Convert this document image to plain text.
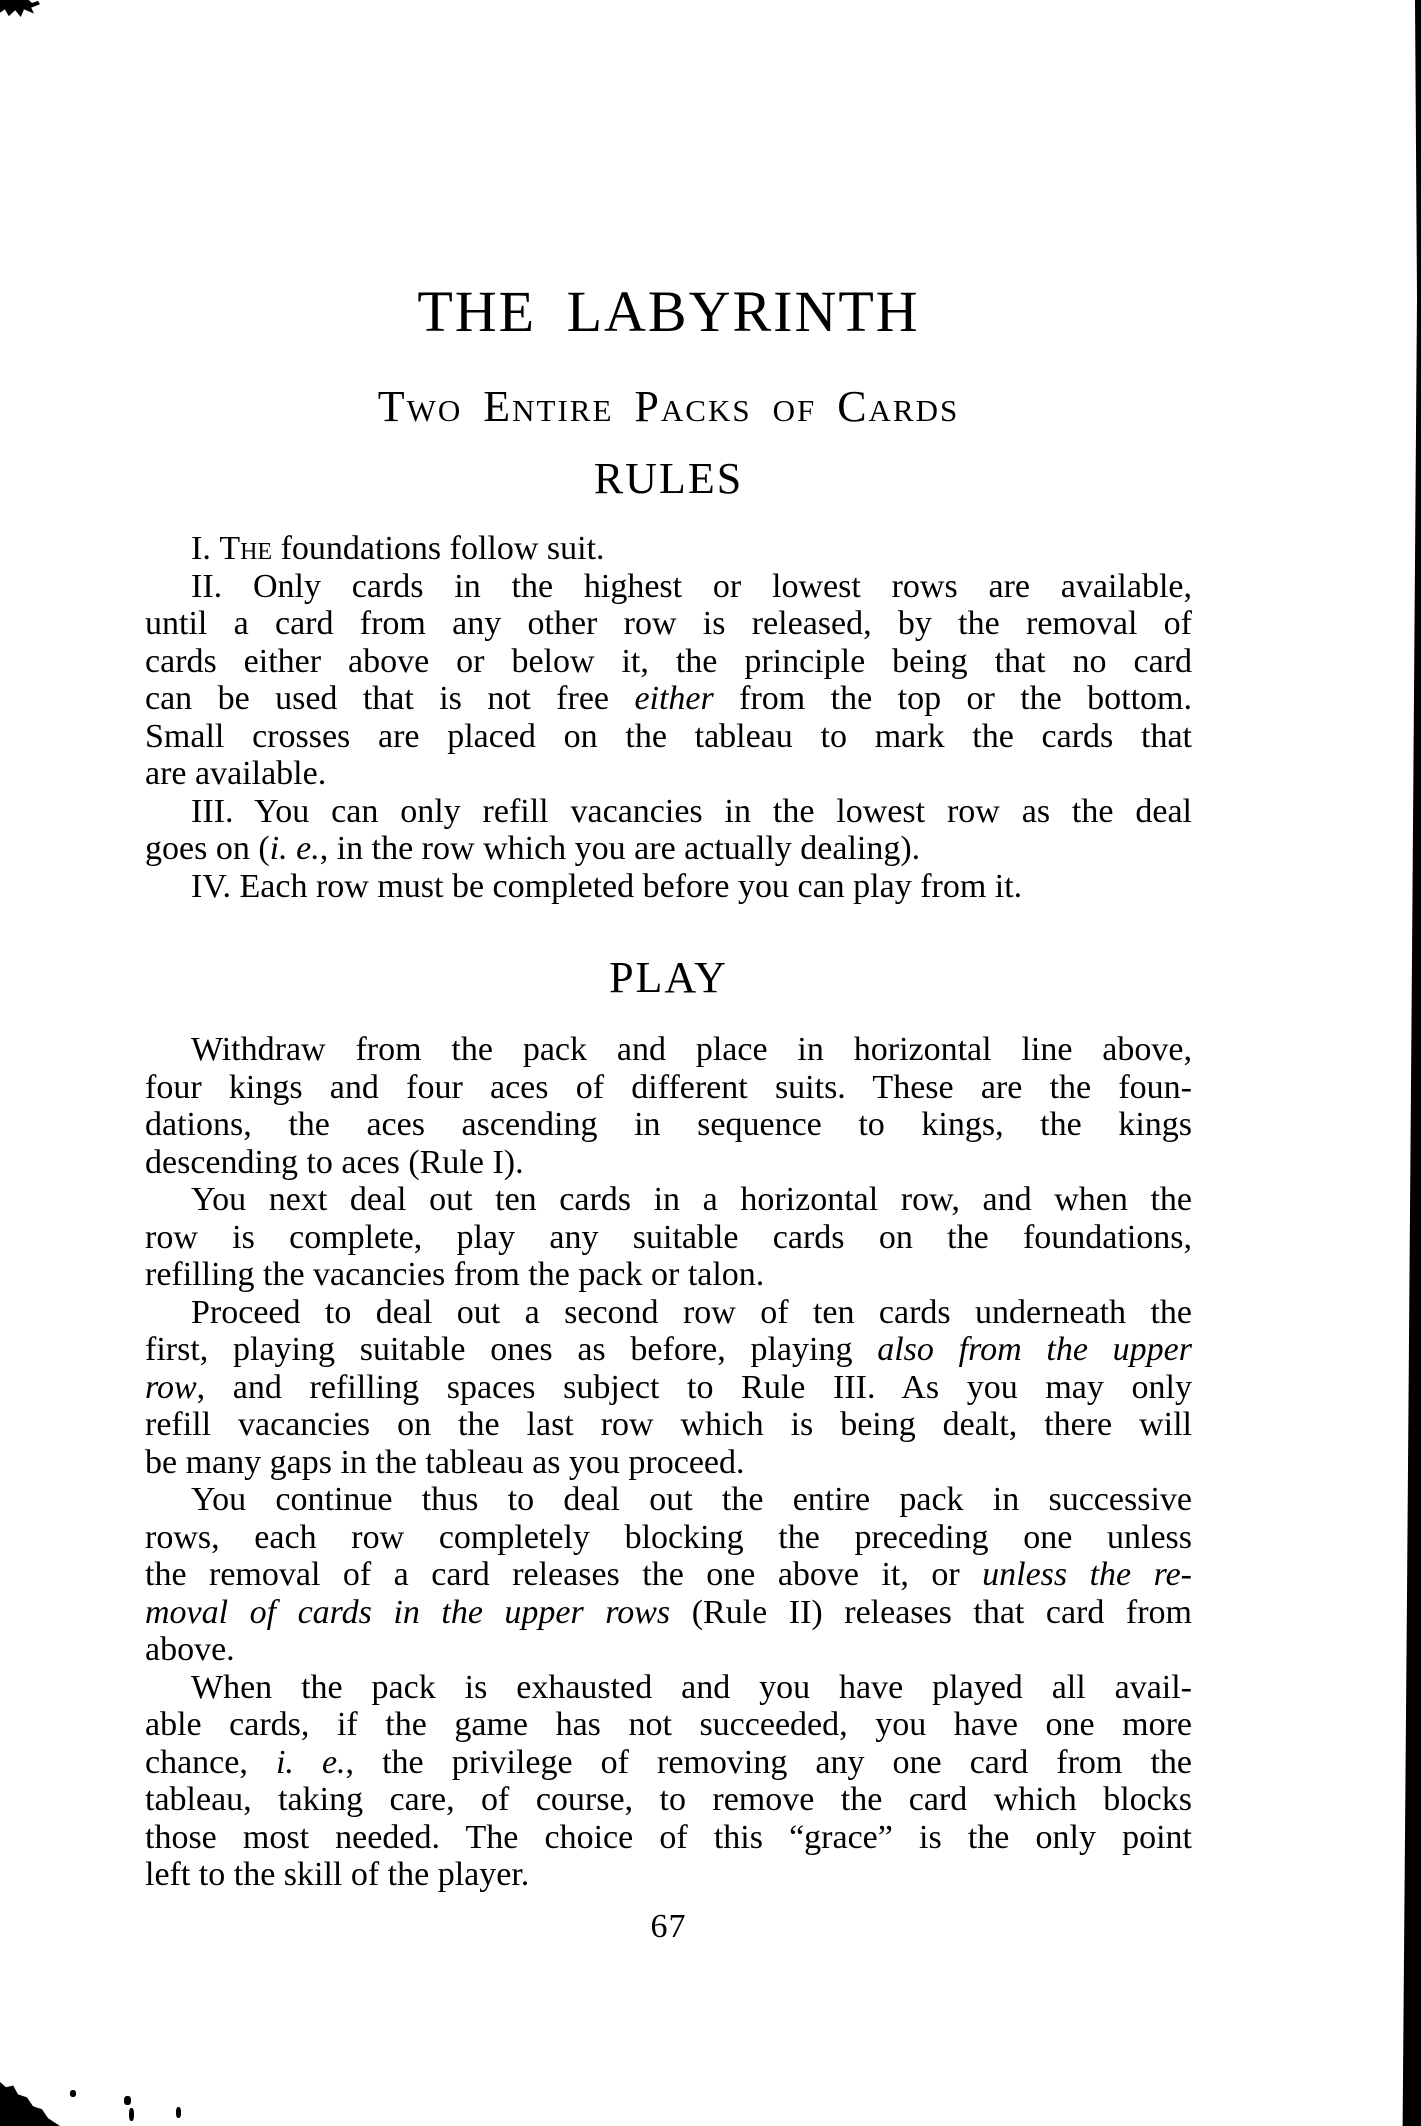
THE LABYRINTH
Two Entire Packs of Cards
RULES
I. The foundations follow suit.
II. Only cards in the highest or lowest rows are available,
until a card from any other row is released, by the removal of
cards either above or below it, the principle being that no card
can be used that is not free either from the top or the bottom.
Small crosses are placed on the tableau to mark the cards that
are available.
III. You can only refill vacancies in the lowest row as the deal
goes on (i. e., in the row which you are actually dealing).
IV. Each row must be completed before you can play from it.
PLAY
Withdraw from the pack and place in horizontal line above,
four kings and four aces of different suits. These are the foun-
dations, the aces ascending in sequence to kings, the kings
descending to aces (Rule I).
You next deal out ten cards in a horizontal row, and when the
row is complete, play any suitable cards on the foundations,
refilling the vacancies from the pack or talon.
Proceed to deal out a second row of ten cards underneath the
first, playing suitable ones as before, playing also from the upper
row, and refilling spaces subject to Rule III. As you may only
refill vacancies on the last row which is being dealt, there will
be many gaps in the tableau as you proceed.
You continue thus to deal out the entire pack in successive
rows, each row completely blocking the preceding one unless
the removal of a card releases the one above it, or unless the re-
moval of cards in the upper rows (Rule II) releases that card from
above.
When the pack is exhausted and you have played all avail-
able cards, if the game has not succeeded, you have one more
chance, i. e., the privilege of removing any one card from the
tableau, taking care, of course, to remove the card which blocks
those most needed. The choice of this “grace” is the only point
left to the skill of the player.
67
